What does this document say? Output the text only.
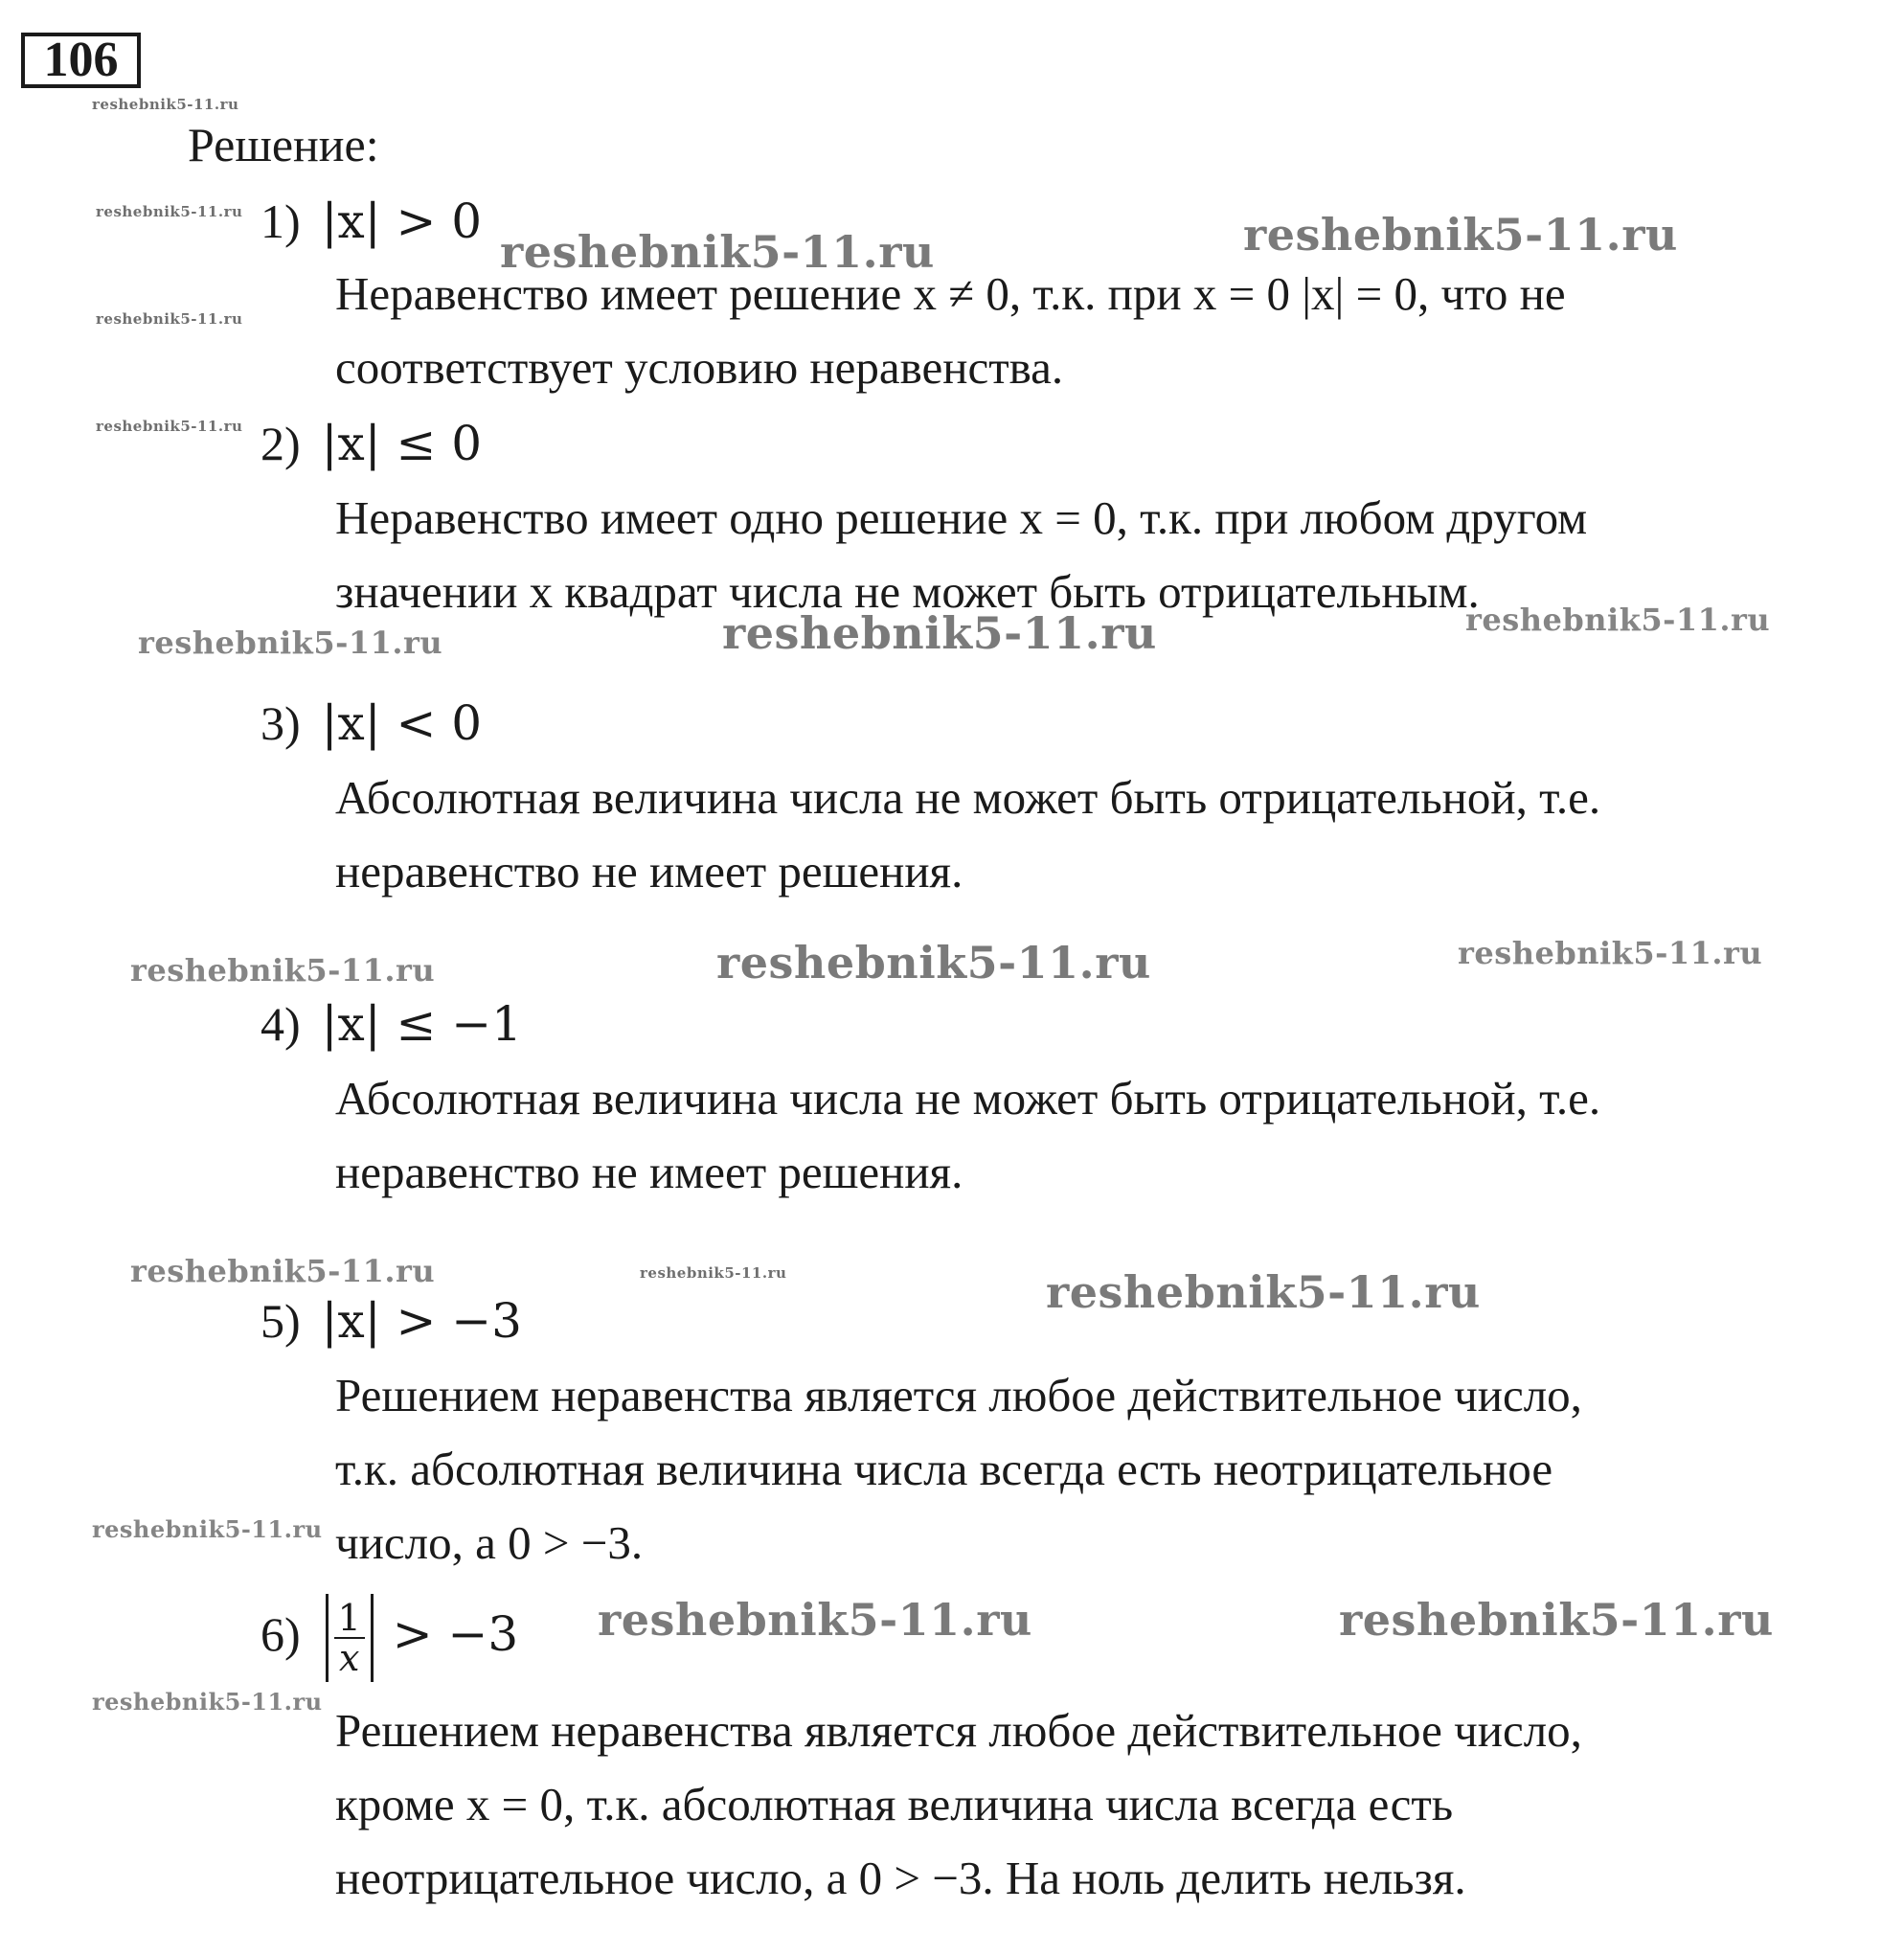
106
Решение:
1) |x| > 0
Неравенство имеет решение x ≠ 0, т.к. при x = 0 |x| = 0, что не
соответствует условию неравенства.
2) |x| ≤ 0
Неравенство имеет одно решение x = 0, т.к. при любом другом
значении x квадрат числа не может быть отрицательным.
3) |x| < 0
Абсолютная величина числа не может быть отрицательной, т.е.
неравенство не имеет решения.
4) |x| ≤ −1
Абсолютная величина числа не может быть отрицательной, т.е.
неравенство не имеет решения.
5) |x| > −3
Решением неравенства является любое действительное число,
т.к. абсолютная величина числа всегда есть неотрицательное
число, а 0 > −3.
$6) \frac{1}{x} > -3$
Решением неравенства является любое действительное число,
кроме x = 0, т.к. абсолютная величина числа всегда есть
неотрицательное число, а 0 > −3. На ноль делить нельзя.
reshebnik5-11.ru
reshebnik5-11.ru
reshebnik5-11.ru
reshebnik5-11.ru
reshebnik5-11.ru	reshebnik5-11.ru
reshebnik5-11.ru	reshebnik5-11.ru	reshebnik5-11.ru
reshebnik5-11.ru	reshebnik5-11.ru	reshebnik5-11.ru
reshebnik5-11.ru	reshebnik5-11.ru	reshebnik5-11.ru
reshebnik5-11.ru
reshebnik5-11.ru	reshebnik5-11.ru
reshebnik5-11.ru
